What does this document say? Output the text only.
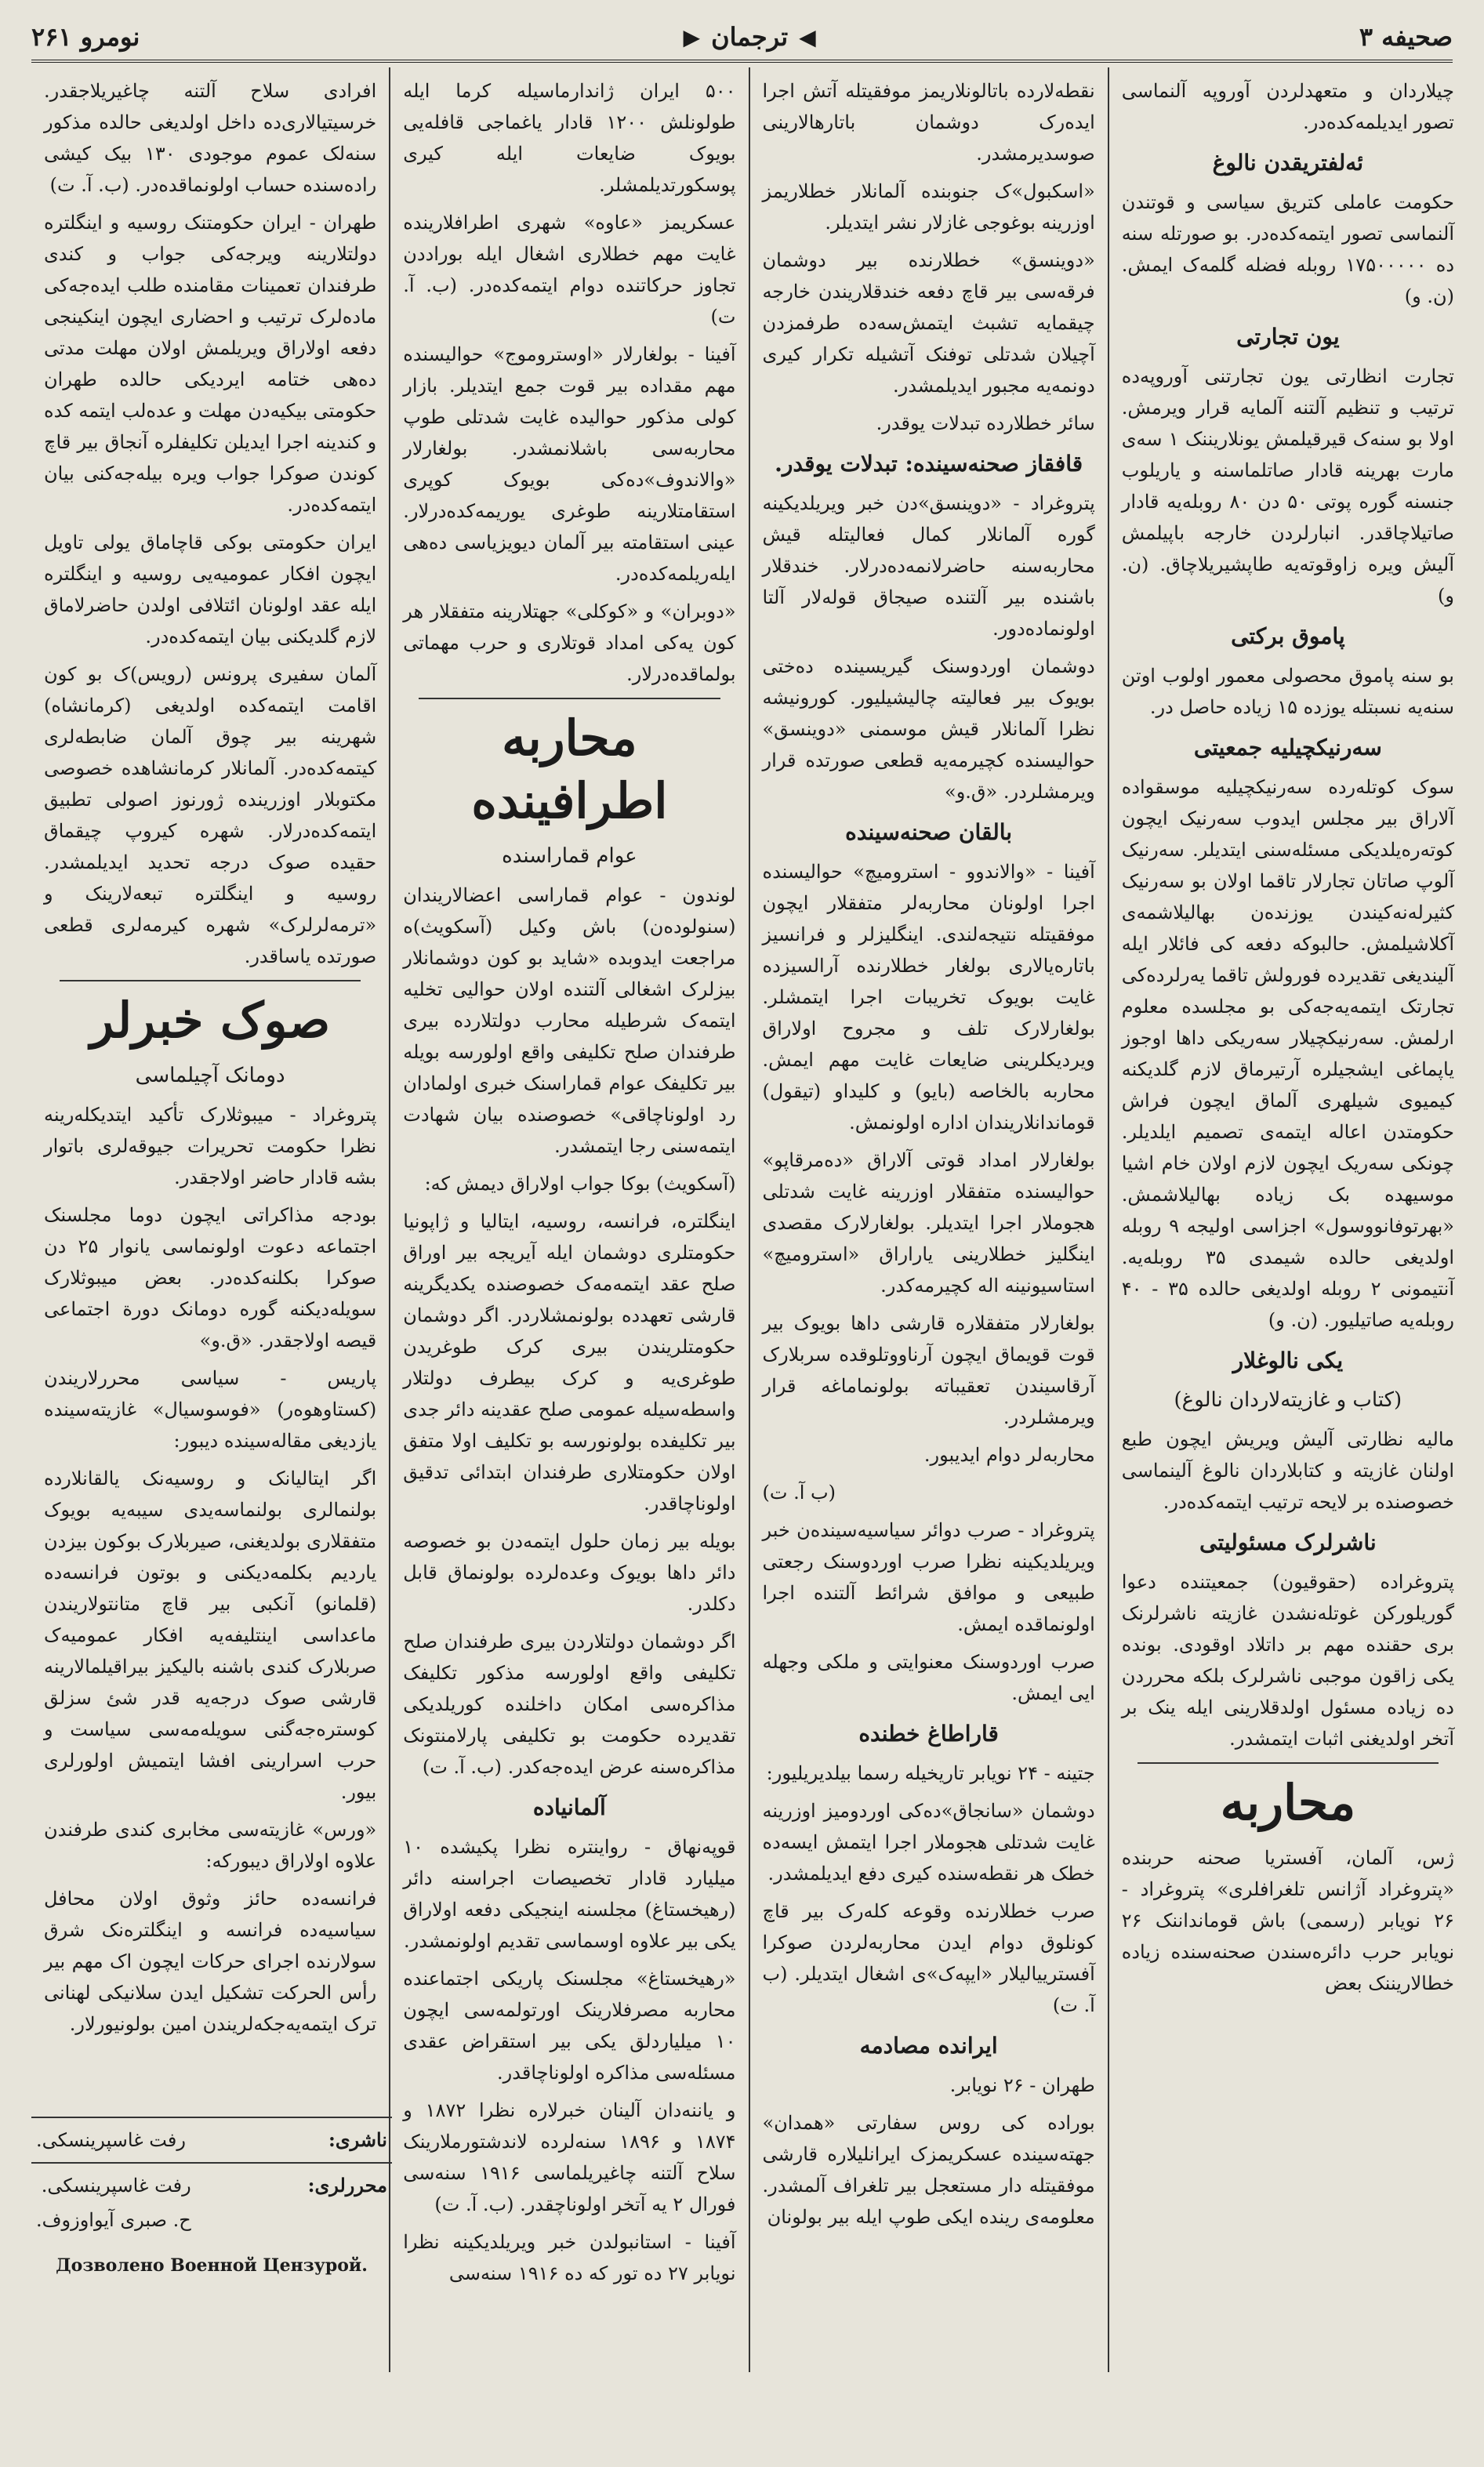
صحیفه ۳
◀
ترجمان
▶
نومرو ۲۶۱

چیلاردان و متعهدلردن آوروپه آلنماسی تصور ایدیلمه‌کده‌در.

ئه‌لفتریقدن نالوغ

حکومت عاملی کتریق سیاسی و قوتندن آلنماسی تصور ایتمه‌کده‌در. بو صورتله سنه ده ۱۷۵۰۰۰۰۰ روبله فضله گلمه‌ک ایمش. (ن. و)

یون تجارتی

تجارت انظارتی یون تجارتنی آوروپه‌ده ترتیب و تنظیم آلتنه آلمایه قرار ویرمش. اولا بو سنه‌ک قیرقیلمش یونلاریننک ۱ سه‌ی مارت بهرینه قادار صاتلماسنه و یاریلوب جنسنه گوره پوتی ۵۰ دن ۸۰ روبله‌یه قادار صاتیلاچاقدر. انبارلردن خارجه باپیلمش آلیش ویره زاوقوته‌یه طاپشیریلاچاق. (ن. و)

پاموق برکتی

بو سنه پاموق محصولی معمور اولوب اوتن سنه‌یه نسبتله یوزده ۱۵ زیاده حاصل در.

سه‌رنیکچیلیه جمعیتی

سوک کوتله‌رده سه‌رنیکچیلیه موسقواده آلاراق بیر مجلس ایدوب سه‌رنیک ایچون کوته‌ره‌یلدیکی مسئله‌سنی ایتدیلر. سه‌رنیک آلوپ صاتان تجارلار تاقما اولان بو سه‌رنیک کثیرله‌نه‌کیندن یوزنده‌ن بهالیلاشمه‌ی آکلاشیلمش. حالبوکه دفعه کی فائلار ایله آلیندیغی تقدیرده فورولش تاقما یه‌رلرده‌کی تجارتک ایتمه‌یه‌جه‌کی بو مجلسده معلوم ارلمش. سه‌رنیکچیلار سه‌ریکی داها اوجوز یاپماغی ایشجیلره آرتیرماق لازم گلدیکنه کیمیوی شیلهری آلماق ایچون فراش حکومتدن اعاله ایتمه‌ی تصمیم ایلدیلر. چونکی سه‌ریک ایچون لازم اولان خام اشیا موسیهده بک زیاده بهالیلاشمش. «بهرتوفانووسول» اجزاسی اولیجه ۹ روبله اولدیغی حالده شیمدی ۳۵ روبله‌یه. آنتیمونی ۲ روبله اولدیغی حالده ۳۵ - ۴۰ روبله‌یه صاتیلیور. (ن. و)

یکی نالوغلار
(کتاب و غازیته‌لاردان نالوغ)

مالیه نظارتی آلیش ویریش ایچون طبع اولنان غازیته و کتابلاردان نالوغ آلینماسی خصوصنده بر لایحه ترتیب ایتمه‌کده‌در.

ناشرلرک مسئولیتی

پتروغراده (حقوقیون) جمعیتنده دعوا گوریلورکن غوتله‌نشدن غازیته ناشرلرنک بری حقنده مهم بر داتلاد اوقودی. بونده یکی زاقون موجبی ناشرلرک بلکه محرردن ده زیاده مسئول اولدقلارینی ایله ینک بر آتخر اولدیغنی اثبات ایتمشدر.

محاربه

ژس، آلمان، آفستریا صحنه حربنده «پتروغراد آژانس تلغرافلری» پتروغراد - ۲۶ نویابر (رسمی) باش قومانداننک ۲۶ نویابر حرب دائره‌سندن صحنه‌سنده زیاده خطالاریننک بعض

نقطه‌لارده باتالونلاریمز موفقیتله آتش اجرا ایده‌رک دوشمان باتارهالارینی صوسدیرمشدر.

«اسکبول»ک جنوبنده آلمانلار خطلاریمز اوزرینه بوغوجی غازلار نشر ایتدیلر.

«دوینسق» خطلارنده بیر دوشمان فرقه‌سی بیر قاچ دفعه خندقلاریندن خارجه چیقمایه تشبث ایتمش‌سه‌ده طرفمزدن آچیلان شدتلی توفنک آتشیله تکرار کیری دونمه‌یه مجبور ایدیلمشدر.

سائر خطلارده تبدلات یوقدر.

قافقاز صحنه‌سینده: تبدلات یوقدر.

پتروغراد - «دوینسق»دن خبر ویریلدیکینه گوره آلمانلار کمال فعالیتله قیش محاربه‌سنه حاضرلانمه‌ده‌درلار. خندقلار باشنده بیر آلتنده صیجاق قوله‌لار آلتا اولونماده‌دور.

دوشمان اوردوسنک گیریسینده ده‌ختی بویوک بیر فعالیته چالیشیلیور. کورونیشه نظرا آلمانلار قیش موسمنی «دوینسق» حوالیسنده کچیرمه‌یه قطعی صورتده قرار ویرمشلردر. «ق.و»

بالقان صحنه‌سینده

آفینا - «والاندوو - استرومیچ» حوالیسنده اجرا اولونان محاربه‌لر متفقلار ایچون موفقیتله نتیجه‌لندی. اینگلیزلر و فرانسیز باتاره‌یالاری بولغار خطلارنده آرالسیزده غایت بویوک تخریبات اجرا ایتمشلر. بولغارلارک تلف و مجروح اولاراق ویردیکلرینی ضایعات غایت مهم ایمش. محاربه بالخاصه (بایو) و کلیداو (تیقول) قوماندانلاریندان اداره اولونمش.

بولغارلار امداد قوتی آلاراق «ده‌مرقاپو» حوالیسنده متفقلار اوزرینه غایت شدتلی هجوملار اجرا ایتدیلر. بولغارلارک مقصدی اینگلیز خطلارینی یاراراق «استرومیچ» استاسیونینه اله کچیرمه‌کدر.

بولغارلار متفقلاره قارشی داها بویوک بیر قوت قویماق ایچون آرناووتلوقده سربلارک آرقاسیندن تعقیباته بولونماماغه قرار ویرمشلردر.

محاربه‌لر دوام ایدیبور.

(ب آ. ت)

پتروغراد - صرب دوائر سیاسیه‌سینده‌ن خبر ویریلدیکینه نظرا صرب اوردوسنک رجعتی طبیعی و موافق شرائط آلتنده اجرا اولونماقده ایمش.

صرب اوردوسنک معنوایتی و ملکی وجهله ایی ایمش.

قاراطاغ خطنده

جتینه - ۲۴ نویابر تاریخیله رسما بیلدیریلیور:

دوشمان «سانجاق»ده‌کی اوردومیز اوزرینه غایت شدتلی هجوملار اجرا ایتمش ایسه‌ده خطک هر نقطه‌سنده کیری دفع ایدیلمشدر.

صرب خطلارنده وقوعه کله‌رک بیر قاچ کونلوق دوام ایدن محاربه‌لردن صوکرا آفسترییالیلار «ایپه‌ک»ی اشغال ایتدیلر. (ب آ. ت)

ایرانده مصادمه

طهران - ۲۶ نویابر.

بوراده کی روس سفارتی «همدان» جهته‌سینده عسکریمزک ایرانلیلاره قارشی موفقیتله دار مستعجل بیر تلغراف آلمشدر. معلومه‌ی رینده ایکی طوپ ایله بیر بولونان

۵۰۰ ایران ژاندارماسیله کرما ایله طولونلش ۱۲۰۰ قادار یاغماجی قافله‌یی بویوک ضایعات ایله کیری پوسکورتدیلمشلر.

عسکریمز «عاوه» شهری اطرافلارینده غایت مهم خطلاری اشغال ایله بوراددن تجاوز حرکاتنده دوام ایتمه‌کده‌در. (ب. آ. ت)

آفینا - بولغارلار «اوستروموج» حوالیسنده مهم مقداده بیر قوت جمع ایتدیلر. بازار کولی مذکور حوالیده غایت شدتلی طوپ محاربه‌سی باشلانمشدر. بولغارلار «والاندوف»ده‌کی بویوک کوپری استقامتلارینه طوغری یوریمه‌کده‌درلار. عینی استقامته بیر آلمان دیویزیاسی ده‌هی ایله‌ریلمه‌کده‌در.

«دوبران» و «کوکلی» جهتلارینه متفقلار هر کون یه‌کی امداد قوتلاری و حرب مهماتی بولماقده‌درلار.

محاربه اطرافینده
عوام قماراسنده

لوندون - عوام قماراسی اعضالاریندان (سنولوده‌ن) باش وکیل (آسکویث)ه مراجعت ایدوبده «شاید بو کون دوشمانلار بیزلرک اشغالی آلتنده اولان حوالیی تخلیه ایتمه‌ک شرطیله محارب دولتلارده بیری طرفندان صلح تکلیفی واقع اولورسه بویله بیر تکلیفک عوام قماراسنک خبری اولمادان رد اولوناچاقی» خصوصنده بیان شهادت ایتمه‌سنی رجا ایتمشدر.

(آسکویث) بوکا جواب اولاراق دیمش که:

اینگلتره، فرانسه، روسیه، ایتالیا و ژاپونیا حکومتلری دوشمان ایله آیریجه بیر اوراق صلح عقد ایتمه‌مه‌ک خصوصنده یکدیگرینه قارشی تعهدده بولونمشلاردر. اگر دوشمان حکومتلریندن بیری کرک طوغریدن طوغری‌یه و کرک بیطرف دولتلار واسطه‌سیله عمومی صلح عقدینه دائر جدی بیر تکلیفده بولونورسه بو تکلیف اولا متفق اولان حکومتلاری طرفندان ابتدائی تدقیق اولوناچاقدر.

بویله بیر زمان حلول ایتمه‌دن بو خصوصه دائر داها بویوک وعده‌لرده بولونماق قابل دکلدر.

اگر دوشمان دولتلاردن بیری طرفندان صلح تکلیفی واقع اولورسه مذکور تکلیفک مذاکره‌سی امکان داخلنده کوریلدیکی تقدیرده حکومت بو تکلیفی پارلامنتونک مذاکره‌سنه عرض ایده‌جه‌کدر. (ب. آ. ت)

آلمانیاده

قوپه‌نهاق - رواینتره نظرا پکیشده ۱۰ میلیارد قادار تخصیصات اجراسنه دائر (رهیخستاغ) مجلسنه اینجیکی دفعه اولاراق یکی بیر علاوه اوسماسی تقدیم اولونمشدر.

«رهیخستاغ» مجلسنک پاریکی اجتماعنده محاربه مصرفلارینک اورتولمه‌سی ایچون ۱۰ میلیاردلق یکی بیر استقراض عقدی مسئله‌سی مذاکره اولوناچاقدر.

و یاننه‌دان آلینان خبرلاره نظرا ۱۸۷۲ و ۱۸۷۴ و ۱۸۹۶ سنه‌لرده لاندشتورملارینک سلاح آلتنه چاغیریلماسی ۱۹۱۶ سنه‌سی فورال ۲ یه آتخر اولوناچقدر. (ب. آ. ت)

آفینا - استانبولدن خبر ویریلدیکینه نظرا نویابر ۲۷ ده تور که ده ۱۹۱۶ سنه‌سی

افرادی سلاح آلتنه چاغیریلاجقدر. خرسیتیالاری‌ده داخل اولدیغی حالده مذکور سنه‌لک عموم موجودی ۱۳۰ بیک کیشی راده‌سنده حساب اولونماقده‌در. (ب. آ. ت)

طهران - ایران حکومتنک روسیه و اینگلتره دولتلارینه ویرجه‌کی جواب و کندی طرفندان تعمینات مقامنده طلب ایده‌جه‌کی ماده‌لرک ترتیب و احضاری ایچون اینکینجی دفعه اولاراق ویریلمش اولان مهلت مدتی ده‌هی ختامه ایردیکی حالده طهران حکومتی بیکیه‌دن مهلت و عده‌لب ایتمه کده و کندینه اجرا ایدیلن تکلیفلره آنجاق بیر قاچ کوندن صوکرا جواب ویره بیله‌جه‌کنی بیان ایتمه‌کده‌در.

ایران حکومتی بوکی قاچاماق یولی تاویل ایچون افکار عمومیه‌یی روسیه و اینگلتره ایله عقد اولونان ائتلافی اولدن حاضرلاماق لازم گلدیکنی بیان ایتمه‌کده‌در.

آلمان سفیری پرونس (رویس)ک بو کون اقامت ایتمه‌کده اولدیغی (کرمانشاه) شهرینه بیر چوق آلمان ضابطه‌لری کیتمه‌کده‌در. آلمانلار کرمانشاهده خصوصی مکتوبلار اوزرینده ژورنوز اصولی تطبیق ایتمه‌کده‌درلار. شهره کیروپ چیقماق حقیده صوک درجه تحدید ایدیلمشدر. روسیه و اینگلتره تبعه‌لارینک و «ترمه‌لرلرک» شهره کیرمه‌لری قطعی صورتده یاساقدر.

صوک خبرلر
دومانک آچیلماسی

پتروغراد - میبوثلارک تأکید ایتدیکله‌رینه نظرا حکومت تحریرات جیوقه‌لری باتوار بشه قادار حاضر اولاجقدر.

بودجه مذاکراتی ایچون دوما مجلسنک اجتماعه دعوت اولونماسی یانوار ۲۵ دن صوکرا بکلنه‌کده‌در. بعض میبوثلارک سویله‌دیکنه گوره دومانک دورة اجتماعی قیصه اولاجقدر. «ق.و»

پاریس - سیاسی محررلاریندن (کستاوهوه‌ر) «فوسوسیال» غازیته‌سینده یازدیغی مقاله‌سینده دیبور:

اگر ایتالیانک و روسیه‌نک یالقانلارده بولنمالری بولنماسه‌یدی سیبه‌یه بویوک متفقلاری بولدیغنی، صیربلارک بوکون بیزدن یاردیم بکلمه‌دیکنی و بوتون فرانسه‌ده (قلمانو) آنکبی بیر قاچ متانتولاریندن ماعداسی اینتلیفه‌یه افکار عمومیه‌ک صربلارک کندی باشنه بالیکیز بیراقیلمالارینه قارشی صوک درجه‌یه قدر شئ سزلق کوستره‌جه‌گنی سویله‌مه‌سی سیاست و حرب اسرارینی افشا ایتمیش اولورلری بیور.

«ورس» غازیته‌سی مخابری کندی طرفندن علاوه اولاراق دیبورکه:

فرانسه‌ده حائز وثوق اولان محافل سیاسیه‌ده فرانسه و اینگلتره‌نک شرق سولارنده اجرای حرکات ایچون اک مهم بیر رأس الحرکت تشکیل ایدن سلانیکی لهنانی ترک ایتمه‌یه‌جکه‌لریندن امین بولونیورلار.

ناشری:
رفت غاسپرینسکی.
محررلری:
رفت غاسپرینسکی.
ح. صبری آیواوزوف.
Дозволено Военной Цензурой.
